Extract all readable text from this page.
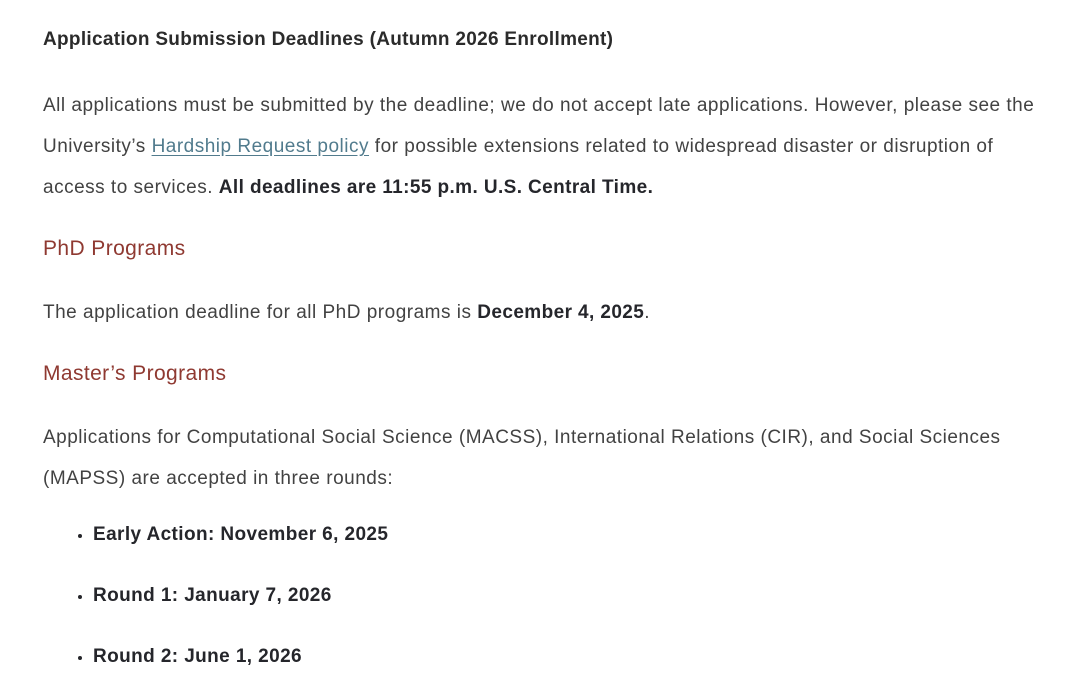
Application Submission Deadlines (Autumn 2026 Enrollment)

All applications must be submitted by the deadline; we do not accept late applications. However, please see the University’s Hardship Request policy for possible extensions related to widespread disaster or disruption of access to services. All deadlines are 11:55 p.m. U.S. Central Time.

PhD Programs

The application deadline for all PhD programs is December 4, 2025.

Master’s Programs

Applications for Computational Social Science (MACSS), International Relations (CIR), and Social Sciences (MAPSS) are accepted in three rounds:

• Early Action: November 6, 2025
• Round 1: January 7, 2026
• Round 2: June 1, 2026
